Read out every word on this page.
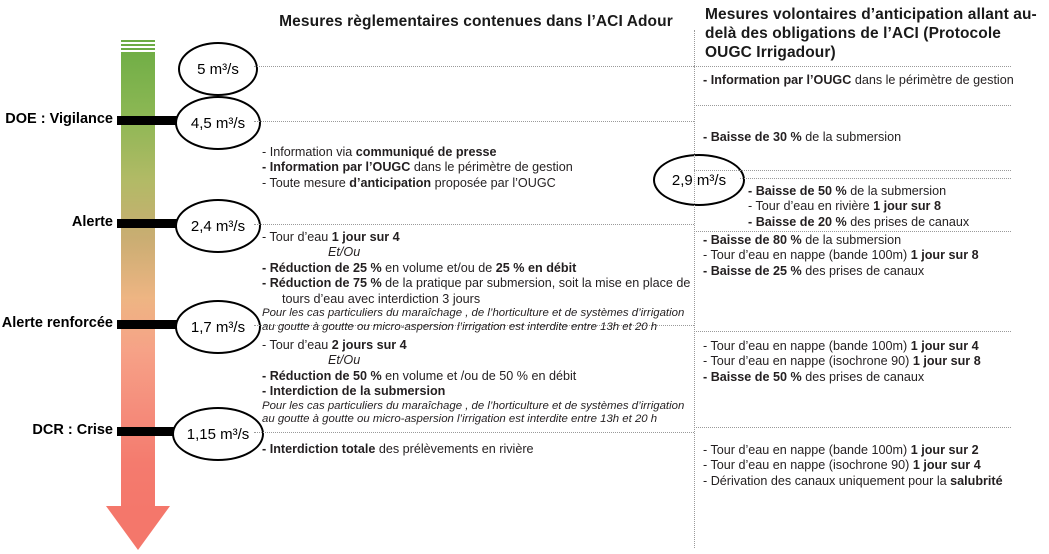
Mesures règlementaires contenues dans l’ACI Adour Mesures volontaires d’anticipation allant au-delà des obligations de l’ACI (Protocole OUGC Irrigadour)
DOE : Vigilance
Alerte
Alerte renforcée
DCR : Crise
5 m³/s
4,5 m³/s
2,4 m³/s
1,7 m³/s
1,15 m³/s
2,9 m³/s
- Information via communiqué de presse
- Information par l’OUGC dans le périmètre de gestion
- Toute mesure d’anticipation proposée par l’OUGC
- Tour d’eau 1 jour sur 4
Et/Ou
- Réduction de 25 % en volume et/ou de 25 % en débit
- Réduction de 75 % de la pratique par submersion, soit la mise en place de
tours d’eau avec interdiction 3 jours
Pour les cas particuliers du maraîchage , de l’horticulture et de systèmes d’irrigation
au goutte à goutte ou micro-aspersion l’irrigation est interdite entre 13h et 20 h
- Tour d’eau 2 jours sur 4
Et/Ou
- Réduction de 50 % en volume et /ou de 50 % en débit
- Interdiction de la submersion
Pour les cas particuliers du maraîchage , de l’horticulture et de systèmes d’irrigation
au goutte à goutte ou micro-aspersion l’irrigation est interdite entre 13h et 20 h
- Interdiction totale des prélèvements en rivière
- Information par l’OUGC dans le périmètre de gestion
- Baisse de 30 % de la submersion
- Baisse de 50 % de la submersion
- Tour d’eau en rivière 1 jour sur 8
- Baisse de 20 % des prises de canaux
- Baisse de 80 % de la submersion
- Tour d’eau en nappe (bande 100m) 1 jour sur 8
- Baisse de 25 % des prises de canaux
- Tour d’eau en nappe (bande 100m) 1 jour sur 4
- Tour d’eau en nappe (isochrone 90) 1 jour sur 8
- Baisse de 50 % des prises de canaux
- Tour d’eau en nappe (bande 100m) 1 jour sur 2
- Tour d’eau en nappe (isochrone 90) 1 jour sur 4
- Dérivation des canaux uniquement pour la salubrité
